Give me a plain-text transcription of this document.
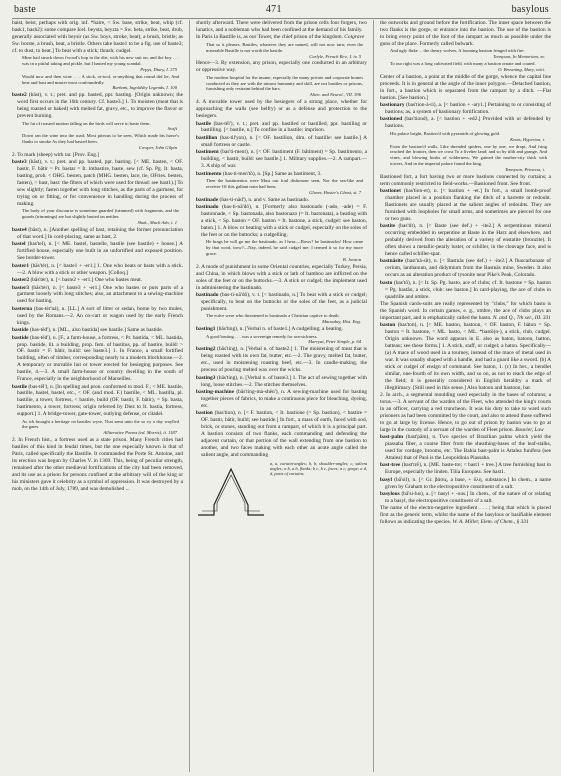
baste	471	basylous

baist, beist, perhaps with orig. inf. *baire, < Sw. base, strike, beat, whip (cf. bask1, bash2): some compare Icel. beysta, beyzta = Sw. beta, strike, beat, drub, generally associated with beysir (as Sw. boys, stroke, beat), a brush, bristle; as Sw. borste, a brush, beat, a bristle. Others take baste1 to be a fig. use of baste3; cf. to dust, to beat.] To beat with a stick; thrash; cudgel.

Mine had struck down t'wood's hop in the dirt, with his new suit on, and the boy . . . was in a pitiful taking and pickle, but I basted my young scandal.
Pepys, Diary, I. 375
Would now and then wine . . . A stick, or-tool, or-anything that round did lie, And beat and bast and master most confoundedly.
Barham, Ingoldsby Legends, I. 100

baste2 (bāst), v. t.; pret. and pp. basted, ppr. basting. [Origin unknown; the word first occurs in the 16th century. Cf. baste3.] 1. To moisten (meat that is being roasted or baked) with melted fat, gravy, etc., to improve the flavor or prevent burning.

The fat of roasted mutton falling on the birds will serve to baste them.
Swift
Down ran the wine into the road, Most piteous to be seen, Which made his horse's flanks to smoke As they had basted been.
Cowper, John Gilpin

2. To mark (sheep) with tar. [Prov. Eng.]

baste3 (bāst), v. t.; pret. and pp. basted, ppr. basting. [< ME. basten, < OF. bastir, F. bâtir = Pr. bastar = It. imbastire, baste, sew (cf. Sp. Pg. It. basta, basting, prob. < OHG. besten, patch (MHG. besten, lace, tie, OFries. besten, fasten), < bast, bast: the fibers of which were used for thread: see bast1).] To sew slightly; fasten together with long stitches, as the parts of a garment, for trying on or fitting, or for convenience in handling during the process of making.

The body of your discourse is sometime guarded (trimmed) with fragments, and the guards (trimmings) are but slightly basted on neither.
Shak., Much Ado, i. 1

baste4 (bāst), n. [Another spelling of bast, retaining the former pronunciation of that word.] In cord-placing, same as bast, 2.

bastel (bas'tel), n. [< ME. bastel, bastelle, bastile (see bastile) + house.] A fortified house, especially one built in an unfortified and exposed position. See border-tower.

baster1 (bās'tėr), n. [< baste1 + -er1.] 1. One who beats or basts with a stick.—2. A blow with a stick or other weapon. [Colloq.]

baster2 (bās'tėr), n. [< baste2 + -er1.] One who bastes meat.

baster3 (bās'tėr), n. [< baste3 + -er1.] One who bastes or puts parts of a garment loosely with long stitches; also, an attachment to a sewing-machine used for basting.

basterna (bas-tėr'nȧ), n. [LL.] A sort of litter or sedan, borne by two mules, used by the Romans.—2. An ox-cart or wagon used by the early French kings.

bastide (bas-tēd'), n. [ML., also bastida] see bastile.] Same as bastide.

bastide (bas-tēd'), n. [F., a farm-house, a fortress, < Pr. bastida, < ML. bastida, prop. bastide, lit. a building, prop. fem. of bastitus, pp. of bastire, build: > OF. bastir = F. bâtir, build: see baste3.] 1. In France, a small fortified building, often of timber, corresponding nearly to a modern blockhouse.—2. A temporary or movable hut or tower erected for besieging purposes. See bastile, 4.—3. A small farm-house or country dwelling in the south of France, especially in the neighborhood of Marseilles.

bastile (bas-tēl'), n. [In spelling and pron. conformed to mod. F.; < ME. bastile, bastille, bastel, bastel, etc., < OF. (and mod. F.) bastille, < ML. bastilla, pl. bastilie, a tower, fortress, < bastire, build (OF. bastir, F. bâtir), = Sp. basta, bastimento, a tower, fortress; origin referred by Diez to It. bastia, fortress, support.] 1. A bridge-tower, gate-tower, outlying defense, or citadel.

As ich brought a heritage on bastiles wyse, That semi unto the so vy a day waylled the gates.
Alliterative Poems (ed. Morris), ii. 1187

2. In French hist., a fortress used as a state prison. Many French cities had bastiles of this kind in feudal times, but the one especially known is that of Paris, called specifically the Bastille. It commanded the Porte St. Antoine, and its erection was begun by Charles V. in 1369. This, being of peculiar strength, remained after the other mediæval fortifications of the city had been removed, and its use as a prison for persons confined at the arbitrary will of the king or his ministers gave it celebrity as a symbol of oppression. It was destroyed by a mob, on the 14th of July, 1789, and was demolished ...

shortly afterward. There were delivered from the prison cells four forgers, two lunatics, and a nobleman who had been confined at the demand of his family.

In Paris la Bastille is, as our Tower, the chief prison of the kingdom. Cotgrave

That so it pleases. Bastiles, whatever they are named, will not now turn; even the miserable Bastille is not worth the bastile.
Carlyle, French Rev., I. iv. 5

Hence—3. By extension, any prison, especially one conducted in an arbitrary or oppressive way.

The modern hospital for the insane, especially the many private and corporate homes conducted as they are with the utmost humanity and skill, are not bastiles or prisons, furnishing only restraint behind the bars.
Alien. and Neurol., VII. 396

4. A movable tower used by the besiegers of a strong place, whether for approaching the walls (see belfry) or as a defense and protection to the besiegers.

bastile (bas-tēl'), v. t.; pret. and pp. bastiled or bastilled, ppr. bastiling or bastilling. [< bastile, n.] To confine in a bastile; imprison.

bastillion (bas-til'yon), n. [< OF. bastillon, dim. of bastille: see bastile.] A small fortress or castle.

bastiment (bas'ti-ment), n. [< OF. bastiment (F. bâtiment) = Sp. bastimento, a building, < bastir, build: see bastile.] 1. Military supplies.—2. A rampart.—3. A ship of war.

bastimento (bas-ti-men'tō), n. [Sp.] Same as bastiment, 3.

Then the bastimentos were Must our foul dishonour seen, Nor the sea-like and receiver Of this gallant train had been.
Glover, Hosier's Ghost, st. 7

bastinade (bas-ti-nād'), n. and v. Same as bastinado.

bastinado (bas-ti-nā'dō), n. [Formerly also bastonado (-ado, -ade) = F. bastonnade, < Sp. bastonada, also bastonazo (= It. bastonata), a beating with a stick, < Sp. baston = OF. baston = It. bastone, a stick, cudgel: see baston, baton.] 1. A blow or beating with a stick or cudgel, especially on the soles of the feet or on the buttocks; a cudgelling.

He brags he will go me the bastinado, as I hear.—Bows? he bastinados! How came by that word, trow?—Nay, indeed, he said cudgel me; I termed it so for my more grace.
B. Jonson

2. A mode of punishment in some Oriental countries, especially Turkey, Persia, and China, in which blows with a stick or lath of bamboo are inflicted on the soles of the feet or on the buttocks.—3. A stick or cudgel; the implement used in administering the bastinado.

bastinado (bas-ti-nā'dō), v. t. [< bastinado, n.] To beat with a stick or cudgel; specifically, to beat on the buttocks or the soles of the feet, as a judicial punishment.

The eulve were who threatened to bastinado a Christian captive to death.
Macaulay, Hist. Eng.

basting1 (bās'ting), n. [Verbal n. of baste1.] A cudgelling; a beating.

A good basting . . . was a sovereign remedy for sea-sickness.
Marryat, Peter Simple, p. 64

basting2 (bās'ting), n. [Verbal n. of baste2.] 1. The moistening of meat that is being roasted with its own fat, butter, etc.—2. The gravy, melted fat, butter, etc., used in moistening roasting beef, etc.—3. In candle-making, the process of pouring melted wax over the wicks.

basting3 (bās'ting), n. [Verbal n. of baste3.] 1. The act of sewing together with long, loose stitches.—2. The stitches themselves.

basting-machine (bās'ting-mȧ-shēn'), n. A sewing-machine used for basting together pieces of fabrics, to make a continuous piece for bleaching, dyeing, etc.

bastion (bas'tion), n. [< F. bastion, < It. bastione (= Sp. bastion), < bastire = OF. bastir, bâtir, build; see bastide.] In fort., a mass of earth, faced with sod, brick, or stones, standing out from a rampart, of which it is a principal part. A bastion consists of two flanks, each commanding and defending the adjacent curtain, or that portion of the wall extending from one bastion to another, and two faces making with each other an acute angle called the salient angle, and commanding

a, a, curtain-angles; b, b, shoulder-angles; c, salient angles; a b, a b, flanks; b c, b c, faces; a c, gorge; a d, d, parts of curtains.

the outworks and ground before the fortification. The inner space between the two flanks is the gorge, or entrance into the bastion. The use of the bastion is to bring every point of the foot of the rampart as much as possible under the guns of the place. Formerly called bulwark.

And ugly fluke ... the dreary wolves, A looming bastion fringed with fire.
Tennyson, In Memoriam, xv.
To our right was a long cultivated field, with many a bastion ornate and coated.
O. Browning, Mary, xviii.

Center of a bastion, a point at the middle of the gorge, whence the capital line proceeds. It is in general at the angle of the inner polygon.—Detached bastion, in fort., a bastion which is separated from the rampart by a ditch. —Flat bastion. [See bastion.]

bastionary (bas'tion-ȧ-ri), a. [< bastion + -ary1.] Pertaining to or consisting of bastions; as, a system of bastionary fortification.

bastioned (bas'tiond), a. [< bastion + -ed2.] Provided with or defended by bastions.

His palace bright, Bastion'd with pyramids of glowing gold.
Keats, Hyperion, i.
From the bastion'd walls, Like threaded spiders, one by one, we dropt, And fring reached the frontier, then we crost To a livelier land; and so by tilth and grange, And vines, and blowing bosks of wilderness, We gained the mother-city thick with towers, And in the imperial palace found the king.
Tennyson, Princess, i.

Bastioned fort, a fort having two or more bastions connected by curtains; a term commonly restricted to field-works.—Bastioned front. See front.

bastionet (bas'tion-et), n. [< bastion + -et.] In fort., a small bomb-proof chamber placed in a position flanking the ditch of a barrette or redoubt. Bastionets are usually placed at the salient angles of redoubts. They are furnished with loopholes for small arms, and sometimes are pierced for one or two guns.

bastite (bas'tīt), n. [< Baste (see def.) + -ite2.] A serpentinous mineral occurring embedded in serpentine at Baste in the Harz and elsewhere, and probably derived from the alteration of a variety of enstatite (bronzite). It often shows a metallic-pearly luster, or schiller, in the cleavage face, and is hence called schiller-spar.

bastnäsite (bast'nä-sīt), n. [< Bastnäs (see def.) + -ite2.] A fluocarbonate of cerium, lanthanum, and didymium from the Bastnäs mine, Sweden. It also occurs as an alteration product of tysonite near Pike's Peak, Colorado.

basto (bas'tō), n. [< It. Sp. Pg. basto, ace of clubs; cf. It. bastone = Sp. baston = Pg. bastão, a stick, club: see baston.] In card-playing, the ace of clubs in quadrille and ombre.

The Spanish cards-suits are really represented by "clubs," for which basto is the Spanish word. In certain games, e. g., ombre, the ace of clubs plays an important part, and is emphatically called the basto. N. and Q., 7th ser., III. 331

baston (bas'ton), n. [< ME. baston, bastoun, < OF. baston, F. bâton = Sp. baston = It. bastone, < ML. basto, < ML. *bastō(n-), a stick, club, cudgel. Origin unknown. The word appears in E. also as baton, batoon, batton, batteau; see these forms.] 1. A stick, staff, or cudgel; a baton. Specifically—(a) A mace of wood used in a tourney, instead of the mace of metal used in war. It was usually shaped with a handle, and had a guard like a sword. (b) A stick or cudgel of ensign of command. See baton, 1. (c) In her., a bendlet similar, one-fourth of its own width, and so on, as not to reach the edge of the field; it is generally considered in English heraldry a mark of illegitimacy. [Still used in this sense.] Also batoon and bastoon, bar.

2. In arch., a segmental moulding used especially in the bases of columns; a torus.—3. A servant of the warden of the Fleet, who attended the king's courts in an officer, carrying a red truncheon. It was his duty to take to ward such prisoners as had been committed by the court, and also to attend those suffered to go at large by license. Hence, to go out of prison by baston was to go at large in the custody of a servant of the warden of Fleet prison. Bouvier, Law

bast-palm (bast'päm), n. Two species of Brazilian palms which yield the piassaba fiber, a coarse fiber from the sheathing-bases of the leaf-stalks, used for cordage, brooms, etc. The Bahia bast-palm is Attalea funifera (see Attalea) that of Pará is the Leopoldinia Piassaba.

bast-tree (bast'trē), n. [ME. baste-tre; < bast1 + tree.] A tree furnishing bast in Europe, especially the linden. Tilia Europæa. See bast1.

basyl (bā'sil), n. [< Gr. βάσις, a base, + ὕλη, substance.] In chem., a name given by Graham to the electropositive constituent of a salt.

basylous (bā'si-lus), a. [< basyl + -ous.] In chem., of the nature of or relating to a basyl, the electropositive constituent of a salt.

The name of the electro-negative ingredient . . . ; being that which is placed first as the generic term, whilst the name of the basylous or basifiable element follows as indicating the species. W. A. Miller, Elem. of Chem., § 331
